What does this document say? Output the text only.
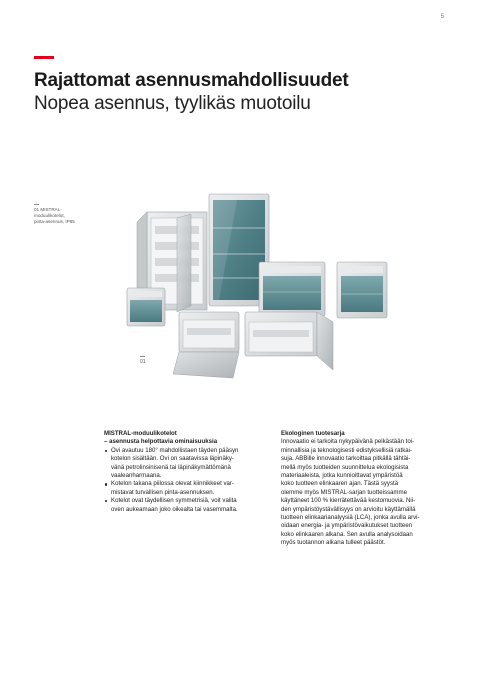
5
Rajattomat asennusmahdollisuudet
Nopea asennus, tyylikäs muotoilu
01 MISTRAL-
moduulikotelot,
pinta-asennus, IP65
01
MISTRAL-moduulikotelot
– asennusta helpottavia ominaisuuksia
Ovi avautuu 180° mahdollistaen täyden pääsyn
kotelon sisältään. Ovi on saatavissa läpinäky-
vänä petrolinsinisenä tai läpinäkymättömänä
vaaleanharmaana.
Kotelon takana piilossa olevat kiinnikkeet var-
mistavat turvallisen pinta-asennuksen.
Kotelot ovat täydellisen symmetrisiä, voit valita
oven aukeamaan joko oikealta tai vasemmalta.
Ekologinen tuotesarja

Innovaatio ei tarkoita nykypäivänä pelkästään toi-
minnallisia ja teknologisesti edistyksellisiä ratkai-
suja. ABBille innovaatio tarkoittaa pitkällä tähtäi-
mellä myös tuotteiden suunnittelua ekologisista
materiaaleista, jotka kunnioittavat ympäristöä
koko tuotteen elinkaaren ajan. Tästä syystä
olemme myös MISTRAL-sarjan tuotteissamme
käyttäneet 100 % kierrätettävää kestomuovia. Nii-
den ympäristöystävällisyys on arvioitu käyttämällä
tuotteen elinkaarianalyysiä (LCA), jonka avulla arvi-
oidaan energia- ja ympäristövaikutukset tuotteen
koko elinkaaren alkana. Sen avulla analysoidaan
myös tuotannon alkana tulleet päästöt.
